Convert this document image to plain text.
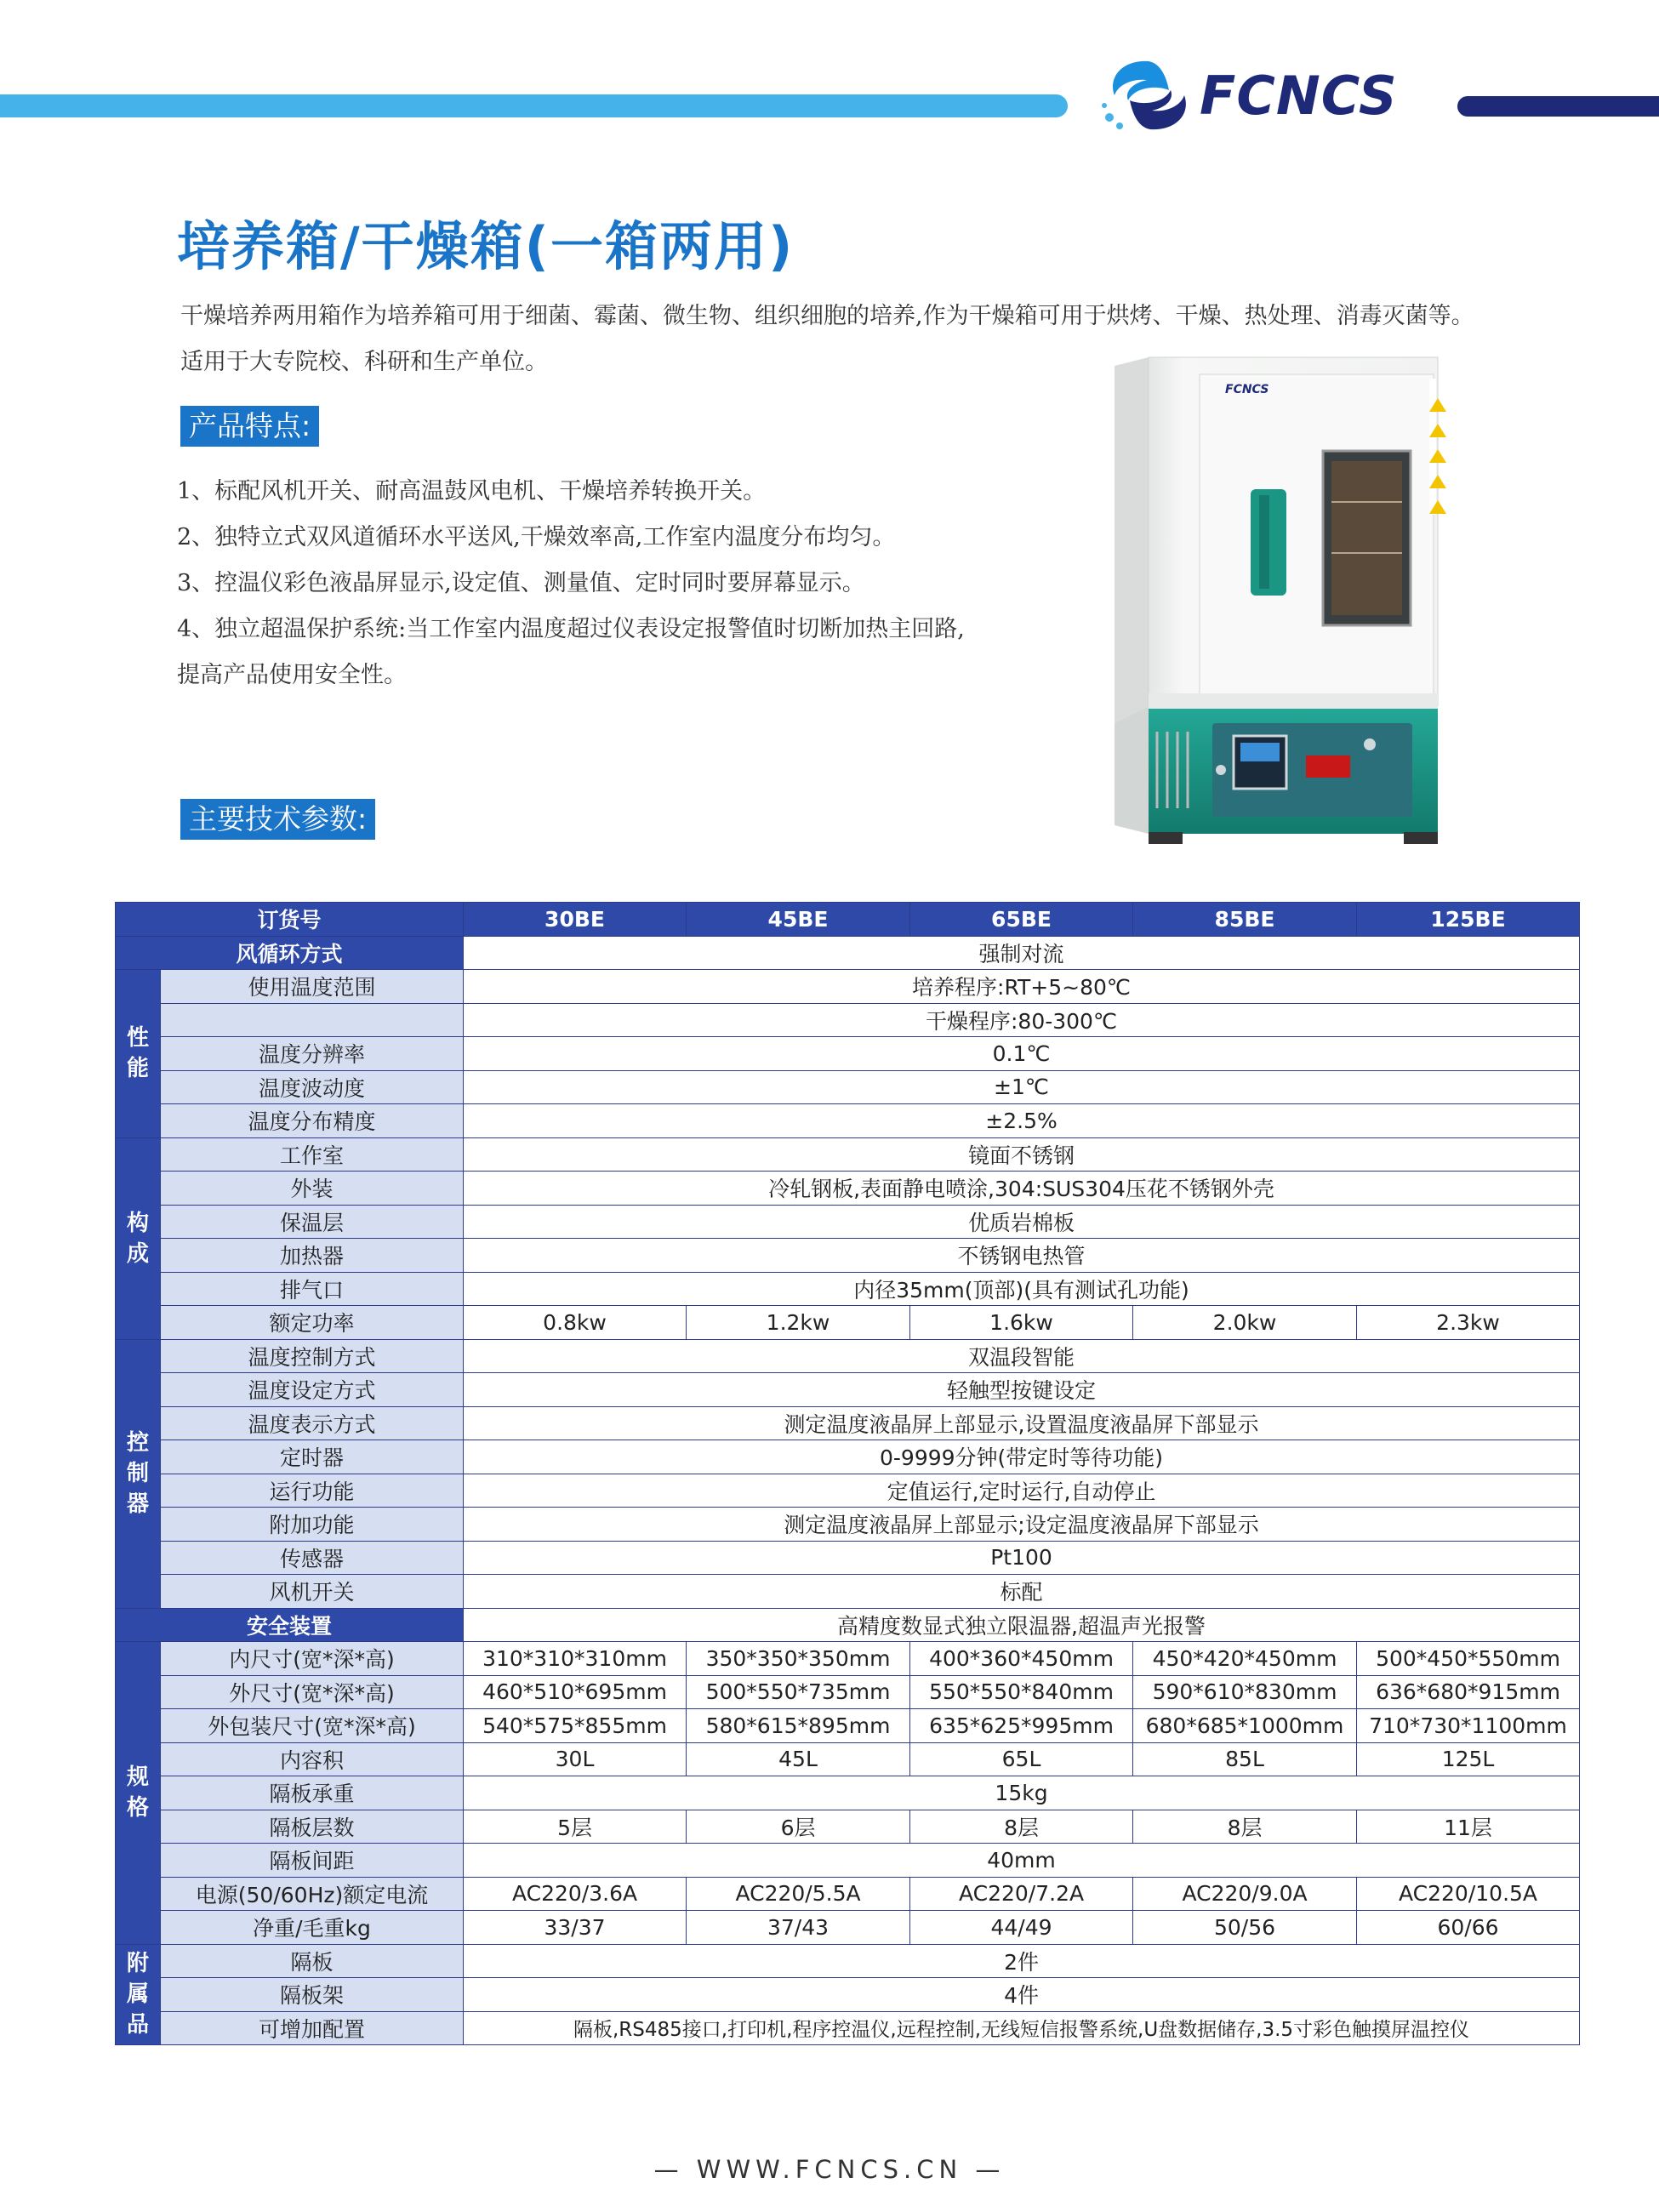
FCNCS
培养箱/干燥箱(一箱两用)
干燥培养两用箱作为培养箱可用于细菌、霉菌、微生物、组织细胞的培养,作为干燥箱可用于烘烤、干燥、热处理、消毒灭菌等。适用于大专院校、科研和生产单位。
产品特点:
1、标配风机开关、耐高温鼓风电机、干燥培养转换开关。
2、独特立式双风道循环水平送风,干燥效率高,工作室内温度分布均匀。
3、控温仪彩色液晶屏显示,设定值、测量值、定时同时要屏幕显示。
4、独立超温保护系统:当工作室内温度超过仪表设定报警值时切断加热主回路,
提高产品使用安全性。
FCNCS
主要技术参数:
订货号		30BE	45BE	65BE	85BE	125BE
风循环方式		强制对流				
性能	使用温度范围	培养程序:RT+5~80℃				
		干燥程序:80-300℃				
	温度分辨率	0.1℃				
	温度波动度	±1℃				
	温度分布精度	±2.5%				
构成	工作室	镜面不锈钢				
	外装	冷轧钢板,表面静电喷涂,304:SUS304压花不锈钢外壳				
	保温层	优质岩棉板				
	加热器	不锈钢电热管				
	排气口	内径35mm(顶部)(具有测试孔功能)				
	额定功率	0.8kw	1.2kw	1.6kw	2.0kw	2.3kw
控制器	温度控制方式	双温段智能				
	温度设定方式	轻触型按键设定				
	温度表示方式	测定温度液晶屏上部显示,设置温度液晶屏下部显示				
	定时器	0-9999分钟(带定时等待功能)				
	运行功能	定值运行,定时运行,自动停止				
	附加功能	测定温度液晶屏上部显示;设定温度液晶屏下部显示				
	传感器	Pt100				
	风机开关	标配				
安全装置		高精度数显式独立限温器,超温声光报警				
规格	内尺寸(宽*深*高)	310*310*310mm	350*350*350mm	400*360*450mm	450*420*450mm	500*450*550mm
	外尺寸(宽*深*高)	460*510*695mm	500*550*735mm	550*550*840mm	590*610*830mm	636*680*915mm
	外包装尺寸(宽*深*高)	540*575*855mm	580*615*895mm	635*625*995mm	680*685*1000mm	710*730*1100mm
	内容积	30L	45L	65L	85L	125L
	隔板承重	15kg				
	隔板层数	5层	6层	8层	8层	11层
	隔板间距	40mm				
	电源(50/60Hz)额定电流	AC220/3.6A	AC220/5.5A	AC220/7.2A	AC220/9.0A	AC220/10.5A
	净重/毛重kg	33/37	37/43	44/49	50/56	60/66
附属品	隔板	2件				
	隔板架	4件				
	可增加配置	隔板,RS485接口,打印机,程序控温仪,远程控制,无线短信报警系统,U盘数据储存,3.5寸彩色触摸屏温控仪				
— WWW.FCNCS.CN —
